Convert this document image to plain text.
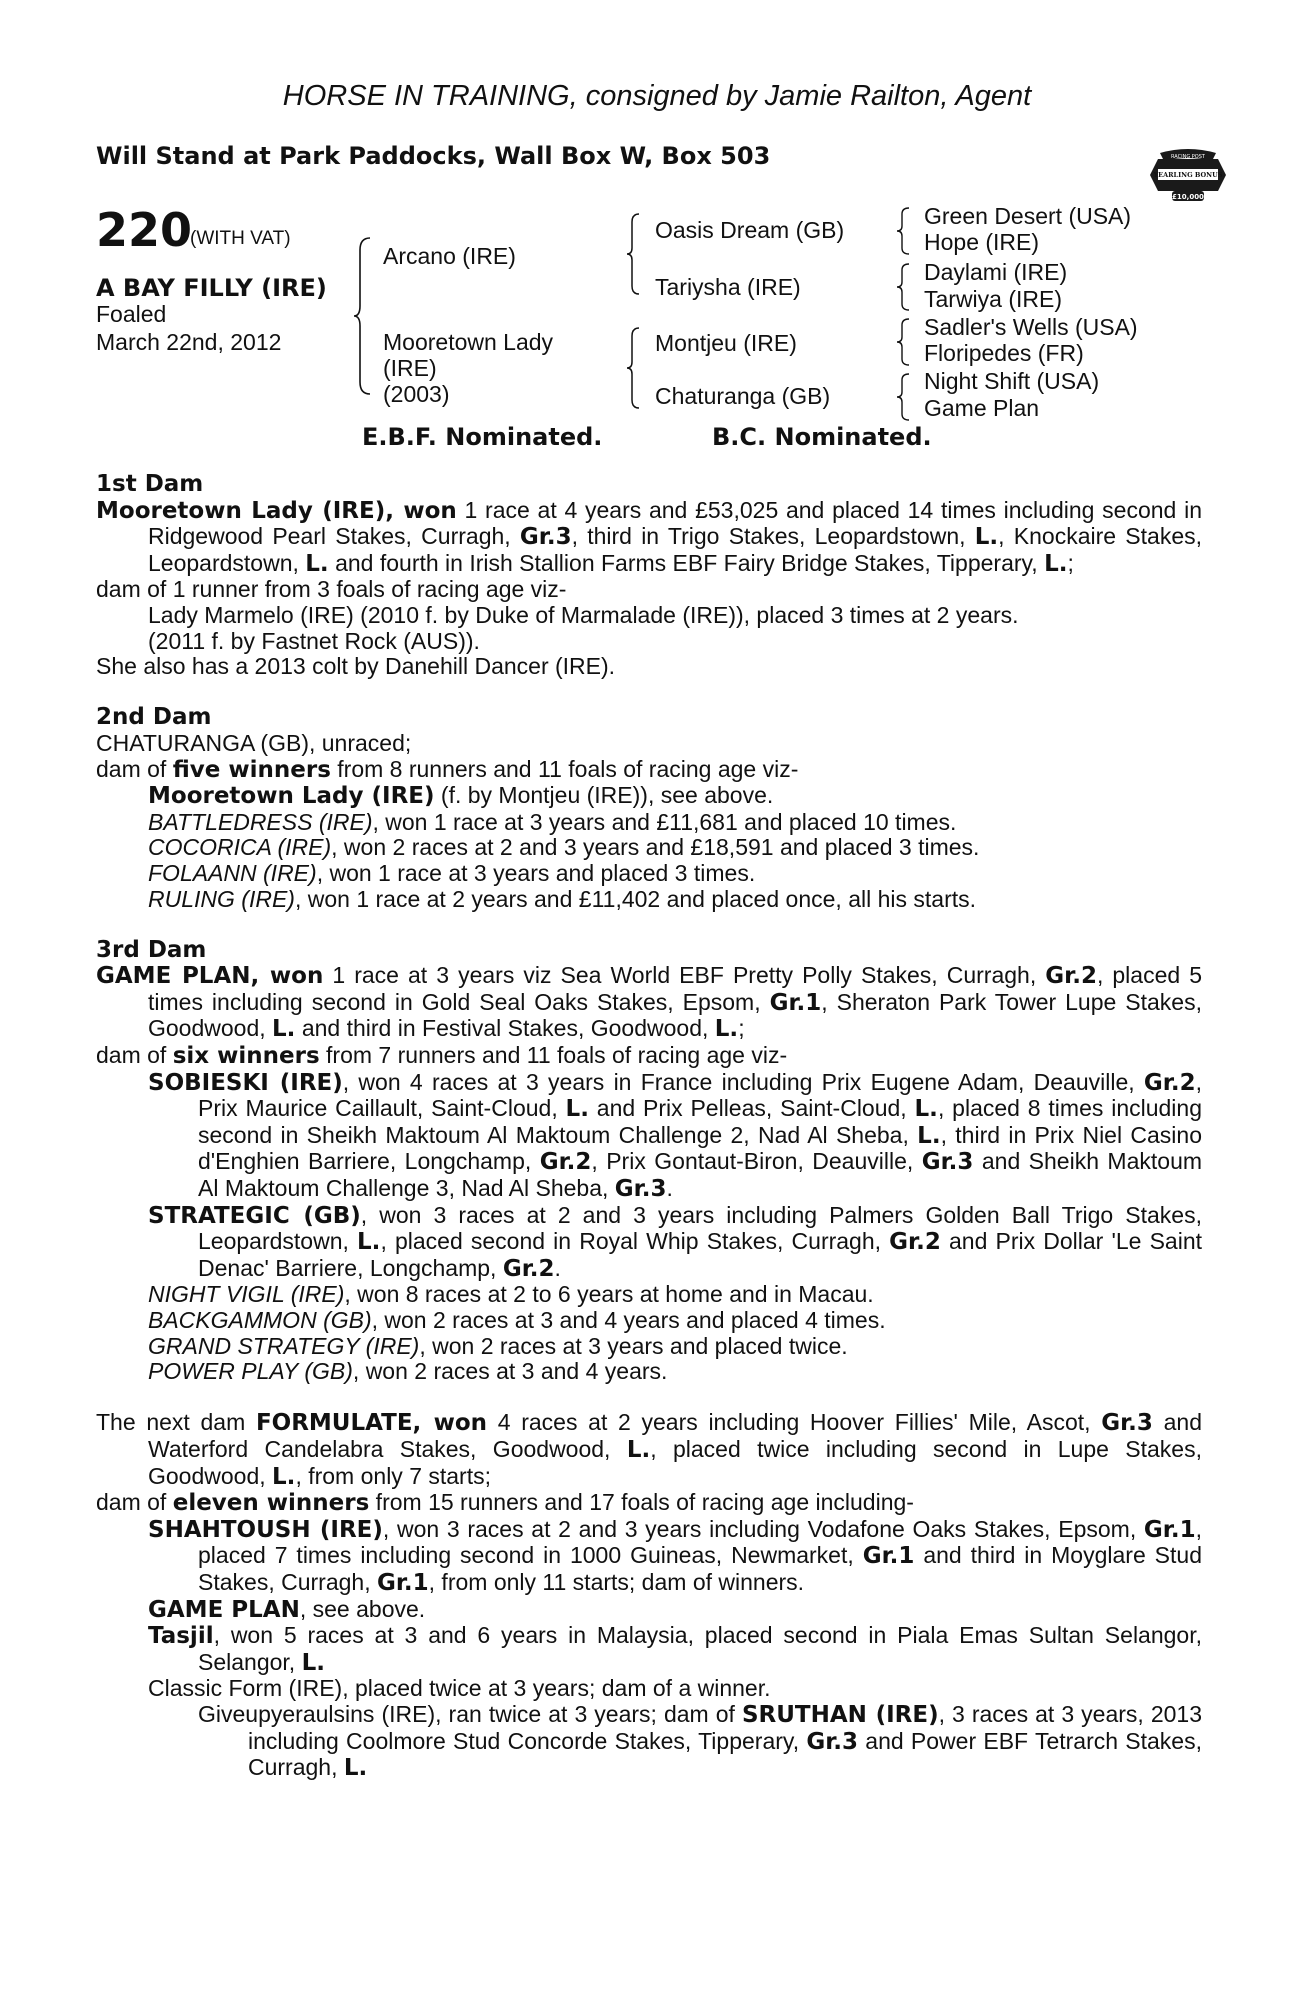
HORSE IN TRAINING, consigned by Jamie Railton, Agent
Will Stand at Park Paddocks, Wall Box W, Box 503	RACING POST
YEARLING BONUS
£10,000
220
(WITH VAT)
A BAY FILLY (IRE)
Foaled
March 22nd, 2012
Arcano (IRE)
Mooretown Lady
(IRE)
(2003)
Oasis Dream (GB)
Tariysha (IRE)
Montjeu (IRE)
Chaturanga (GB)
Green Desert (USA)
Hope (IRE)
Daylami (IRE)
Tarwiya (IRE)
Sadler's Wells (USA)
Floripedes (FR)
Night Shift (USA)
Game Plan
E.B.F. Nominated.	B.C. Nominated.
1st Dam

Mooretown Lady (IRE), won 1 race at 4 years and £53,025 and placed 14 times including second in Ridgewood Pearl Stakes, Curragh, Gr.3, third in Trigo Stakes, Leopardstown, L., Knockaire Stakes, Leopardstown, L. and fourth in Irish Stallion Farms EBF Fairy Bridge Stakes, Tipperary, L.;

dam of 1 runner from 3 foals of racing age viz-

Lady Marmelo (IRE) (2010 f. by Duke of Marmalade (IRE)), placed 3 times at 2 years.

(2011 f. by Fastnet Rock (AUS)).

She also has a 2013 colt by Danehill Dancer (IRE).

2nd Dam

CHATURANGA (GB), unraced;

dam of five winners from 8 runners and 11 foals of racing age viz-

Mooretown Lady (IRE) (f. by Montjeu (IRE)), see above.

BATTLEDRESS (IRE), won 1 race at 3 years and £11,681 and placed 10 times.

COCORICA (IRE), won 2 races at 2 and 3 years and £18,591 and placed 3 times.

FOLAANN (IRE), won 1 race at 3 years and placed 3 times.

RULING (IRE), won 1 race at 2 years and £11,402 and placed once, all his starts.

3rd Dam

GAME PLAN, won 1 race at 3 years viz Sea World EBF Pretty Polly Stakes, Curragh, Gr.2, placed 5 times including second in Gold Seal Oaks Stakes, Epsom, Gr.1, Sheraton Park Tower Lupe Stakes, Goodwood, L. and third in Festival Stakes, Goodwood, L.;

dam of six winners from 7 runners and 11 foals of racing age viz-

SOBIESKI (IRE), won 4 races at 3 years in France including Prix Eugene Adam, Deauville, Gr.2, Prix Maurice Caillault, Saint-Cloud, L. and Prix Pelleas, Saint-Cloud, L., placed 8 times including second in Sheikh Maktoum Al Maktoum Challenge 2, Nad Al Sheba, L., third in Prix Niel Casino d'Enghien Barriere, Longchamp, Gr.2, Prix Gontaut-Biron, Deauville, Gr.3 and Sheikh Maktoum Al Maktoum Challenge 3, Nad Al Sheba, Gr.3.

STRATEGIC (GB), won 3 races at 2 and 3 years including Palmers Golden Ball Trigo Stakes, Leopardstown, L., placed second in Royal Whip Stakes, Curragh, Gr.2 and Prix Dollar 'Le Saint Denac' Barriere, Longchamp, Gr.2.

NIGHT VIGIL (IRE), won 8 races at 2 to 6 years at home and in Macau.

BACKGAMMON (GB), won 2 races at 3 and 4 years and placed 4 times.

GRAND STRATEGY (IRE), won 2 races at 3 years and placed twice.

POWER PLAY (GB), won 2 races at 3 and 4 years.

The next dam FORMULATE, won 4 races at 2 years including Hoover Fillies' Mile, Ascot, Gr.3 and Waterford Candelabra Stakes, Goodwood, L., placed twice including second in Lupe Stakes, Goodwood, L., from only 7 starts;

dam of eleven winners from 15 runners and 17 foals of racing age including-

SHAHTOUSH (IRE), won 3 races at 2 and 3 years including Vodafone Oaks Stakes, Epsom, Gr.1, placed 7 times including second in 1000 Guineas, Newmarket, Gr.1 and third in Moyglare Stud Stakes, Curragh, Gr.1, from only 11 starts; dam of winners.

GAME PLAN, see above.

Tasjil, won 5 races at 3 and 6 years in Malaysia, placed second in Piala Emas Sultan Selangor, Selangor, L.

Classic Form (IRE), placed twice at 3 years; dam of a winner.

Giveupyeraulsins (IRE), ran twice at 3 years; dam of SRUTHAN (IRE), 3 races at 3 years, 2013 including Coolmore Stud Concorde Stakes, Tipperary, Gr.3 and Power EBF Tetrarch Stakes, Curragh, L.
